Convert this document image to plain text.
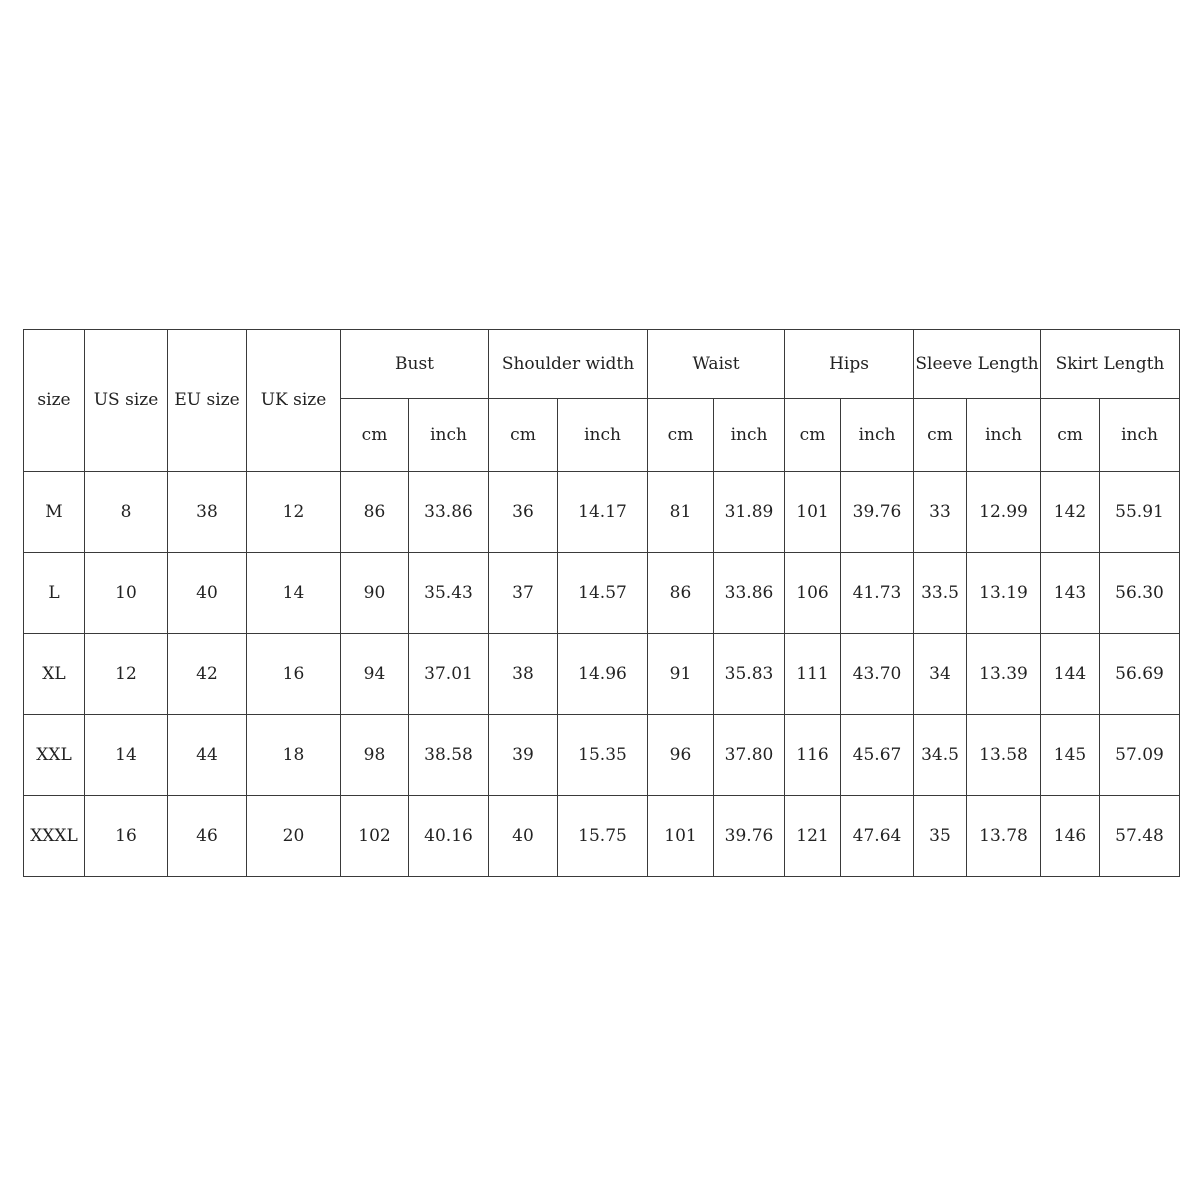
size	US size	EU size	UK size	Bust		Shoulder width		Waist		Hips		Sleeve Length		Skirt Length	
				cm	inch	cm	inch	cm	inch	cm	inch	cm	inch	cm	inch
M	8	38	12	86	33.86	36	14.17	81	31.89	101	39.76	33	12.99	142	55.91
L	10	40	14	90	35.43	37	14.57	86	33.86	106	41.73	33.5	13.19	143	56.30
XL	12	42	16	94	37.01	38	14.96	91	35.83	111	43.70	34	13.39	144	56.69
XXL	14	44	18	98	38.58	39	15.35	96	37.80	116	45.67	34.5	13.58	145	57.09
XXXL	16	46	20	102	40.16	40	15.75	101	39.76	121	47.64	35	13.78	146	57.48
